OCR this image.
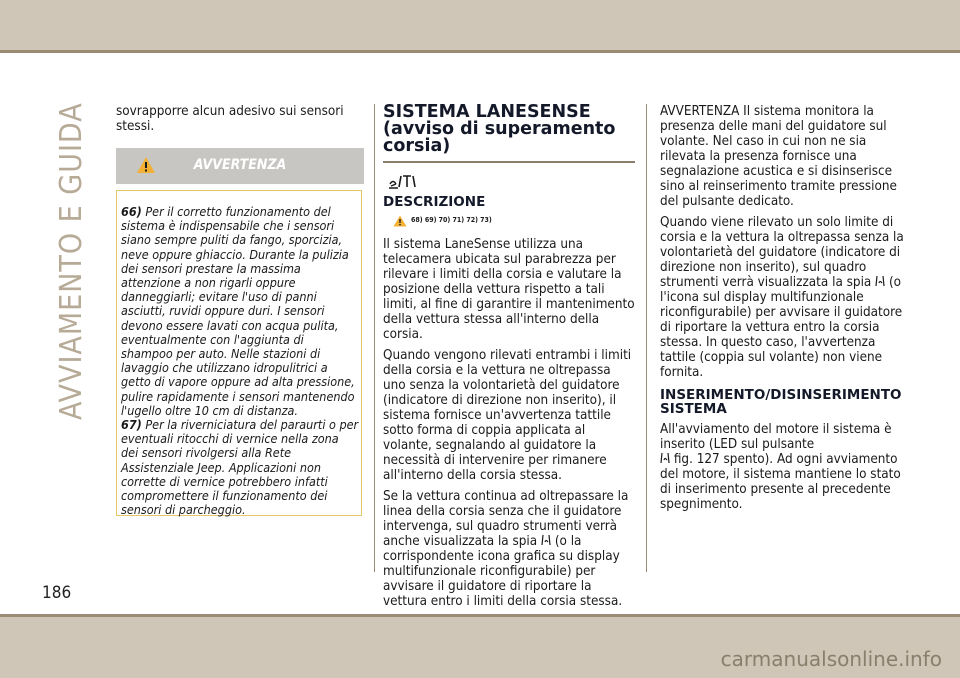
AVVIAMENTO E GUIDA sovrapporre alcun adesivo sui sensori stessi.

AVVERTENZA

66) Per il corretto funzionamento del sistema è indispensabile che i sensori siano sempre puliti da fango, sporcizia, neve oppure ghiaccio. Durante la pulizia dei sensori prestare la massima attenzione a non rigarli oppure danneggiarli; evitare l'uso di panni asciutti, ruvidi oppure duri. I sensori devono essere lavati con acqua pulita, eventualmente con l'aggiunta di shampoo per auto. Nelle stazioni di lavaggio che utilizzano idropulitrici a getto di vapore oppure ad alta pressione, pulire rapidamente i sensori mantenendo l'ugello oltre 10 cm di distanza.

67) Per la riverniciatura del paraurti o per eventuali ritocchi di vernice nella zona dei sensori rivolgersi alla Rete Assistenziale Jeep. Applicazioni non corrette di vernice potrebbero infatti compromettere il funzionamento dei sensori di parcheggio.

SISTEMA LANESENSE
(avviso di superamento
corsia)
DESCRIZIONE
68) 69) 70) 71) 72) 73)

Il sistema LaneSense utilizza una telecamera ubicata sul parabrezza per rilevare i limiti della corsia e valutare la posizione della vettura rispetto a tali limiti, al fine di garantire il mantenimento della vettura stessa all'interno della corsia.

Quando vengono rilevati entrambi i limiti della corsia e la vettura ne oltrepassa uno senza la volontarietà del guidatore (indicatore di direzione non inserito), il sistema fornisce un'avvertenza tattile sotto forma di coppia applicata al volante, segnalando al guidatore la necessità di intervenire per rimanere all'interno della corsia stessa.

Se la vettura continua ad oltrepassare la linea della corsia senza che il guidatore intervenga, sul quadro strumenti verrà anche visualizzata la spia (o la corrispondente icona grafica su display multifunzionale riconfigurabile) per avvisare il guidatore di riportare la vettura entro i limiti della corsia stessa.

AVVERTENZA Il sistema monitora la presenza delle mani del guidatore sul volante. Nel caso in cui non ne sia rilevata la presenza fornisce una segnalazione acustica e si disinserisce sino al reinserimento tramite pressione del pulsante dedicato.

Quando viene rilevato un solo limite di corsia e la vettura la oltrepassa senza la volontarietà del guidatore (indicatore di direzione non inserito), sul quadro strumenti verrà visualizzata la spia (o l'icona sul display multifunzionale riconfigurabile) per avvisare il guidatore di riportare la vettura entro la corsia stessa. In questo caso, l'avvertenza tattile (coppia sul volante) non viene fornita.

INSERIMENTO/DISINSERIMENTO
SISTEMA

All'avviamento del motore il sistema è inserito (LED sul pulsante
fig. 127 spento). Ad ogni avviamento del motore, il sistema mantiene lo stato di inserimento presente al precedente spegnimento.

186
carmanualsonline.info
